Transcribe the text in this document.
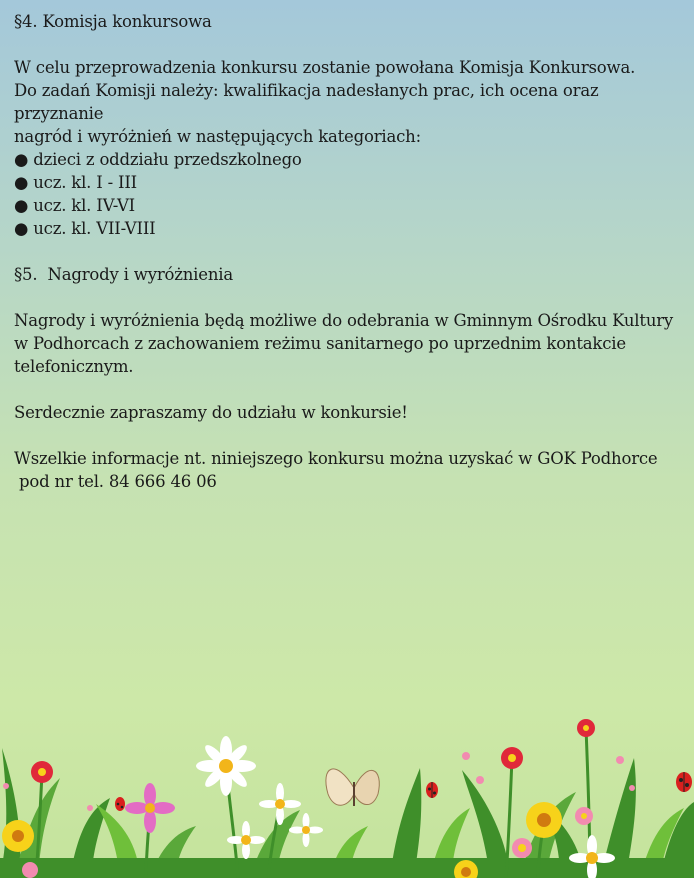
§4. Komisja konkursowa

W celu przeprowadzenia konkursu zostanie powołana Komisja Konkursowa.

Do zadań Komisji należy: kwalifikacja nadesłanych prac, ich ocena oraz przyznanie

nagród i wyróżnień w następujących kategoriach:

● dzieci z oddziału przedszkolnego

● ucz. kl. I - III

● ucz. kl. IV-VI

● ucz. kl. VII-VIII

§5.  Nagrody i wyróżnienia

Nagrody i wyróżnienia będą możliwe do odebrania w Gminnym Ośrodku Kultury

w Podhorcach z zachowaniem reżimu sanitarnego po uprzednim kontakcie

telefonicznym.

Serdecznie zapraszamy do udziału w konkursie!

Wszelkie informacje nt. niniejszego konkursu można uzyskać w GOK Podhorce

pod nr tel. 84 666 46 06
